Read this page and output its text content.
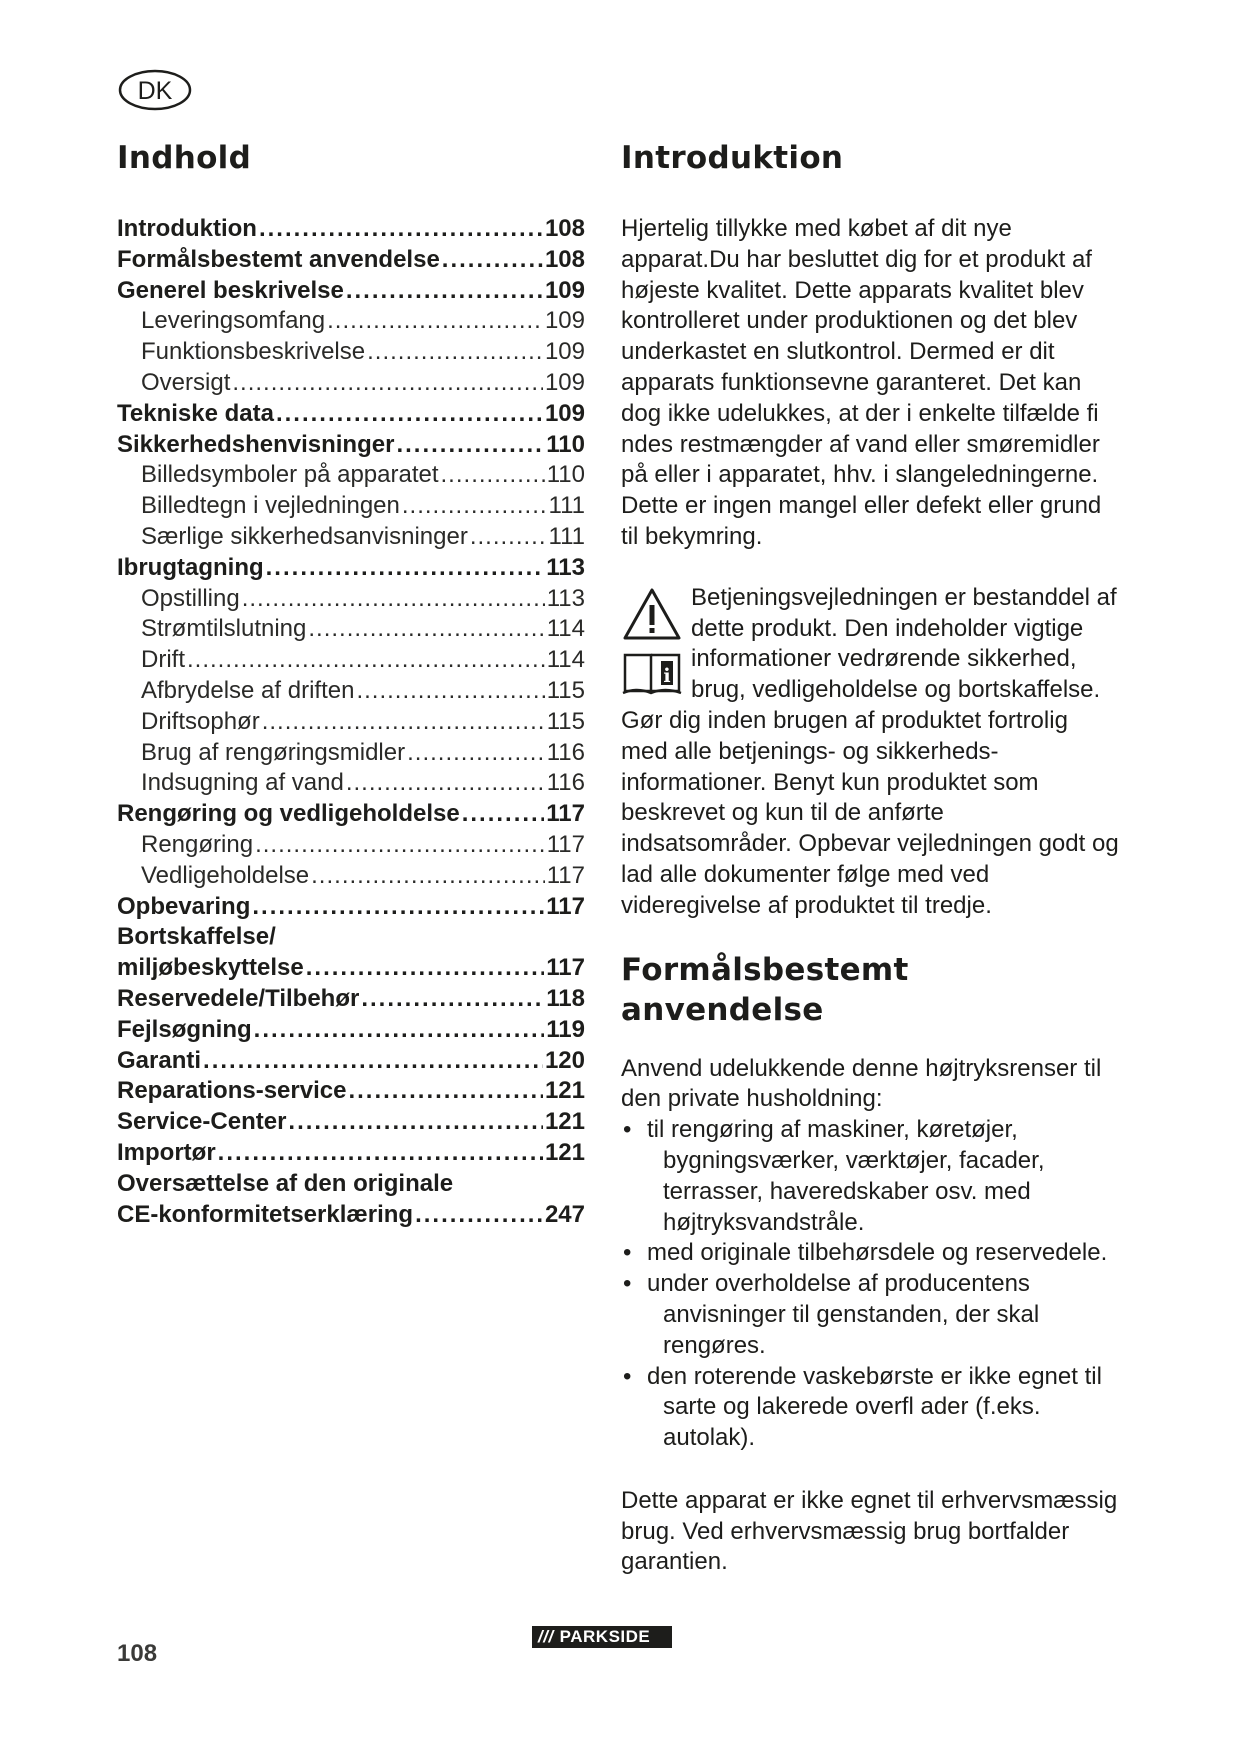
DK
Indhold
Introduktion .....	108
Formålsbestemt anvendelse .....	108
Generel beskrivelse .....	109
Leveringsomfang .....	109
Funktionsbeskrivelse .....	109
Oversigt .....	109
Tekniske data .....	109
Sikkerhedshenvisninger .....	110
Billedsymboler på apparatet .....	110
Billedtegn i vejledningen .....	111
Særlige sikkerhedsanvisninger .....	111
Ibrugtagning .....	113
Opstilling .....	113
Strømtilslutning .....	114
Drift .....	114
Afbrydelse af driften .....	115
Driftsophør .....	115
Brug af rengøringsmidler .....	116
Indsugning af vand .....	116
Rengøring og vedligeholdelse .....	117
Rengøring .....	117
Vedligeholdelse .....	117
Opbevaring .....	117
Bortskaffelse/
miljøbeskyttelse .....	117
Reservedele/Tilbehør .....	118
Fejlsøgning .....	119
Garanti .....	120
Reparations-service .....	121
Service-Center .....	121
Importør .....	121
Oversættelse af den originale
CE-konformitetserklæring .....	247
Introduktion

Hjertelig tillykke med købet af dit nye apparat.Du har besluttet dig for et produkt af højeste kvalitet. Dette apparats kvalitet blev kontrolleret under produktionen og det blev underkastet en slutkontrol. Dermed er dit apparats funktionsevne garanteret. Det kan dog ikke udelukkes, at der i enkelte tilfælde fi ndes restmængder af vand eller smøremidler på eller i apparatet, hhv. i slangeledningerne. Dette er ingen mangel eller defekt eller grund til bekymring.

i

Betjeningsvejledningen er bestanddel af dette produkt. Den indeholder vigtige informationer vedrørende sikkerhed, brug, vedligeholdelse og bortskaffelse. Gør dig inden brugen af produktet fortrolig med alle betjenings- og sikkerheds-informationer. Benyt kun produktet som beskrevet og kun til de anførte indsatsområder. Opbevar vejledningen godt og lad alle dokumenter følge med ved videregivelse af produktet til tredje.

Formålsbestemt
anvendelse

Anvend udelukkende denne højtryksrenser til den private husholdning:

• til rengøring af maskiner, køretøjer, bygningsværker, værktøjer, facader, terrasser, haveredskaber osv. med højtryksvandstråle.
• med originale tilbehørsdele og reservedele.
• under overholdelse af producentens anvisninger til genstanden, der skal rengøres.
• den roterende vaskebørste er ikke egnet til sarte og lakerede overfl ader (f.eks. autolak).

Dette apparat er ikke egnet til erhvervsmæssig brug. Ved erhvervsmæssig brug bortfalder garantien.

108
/// PARKSIDE
